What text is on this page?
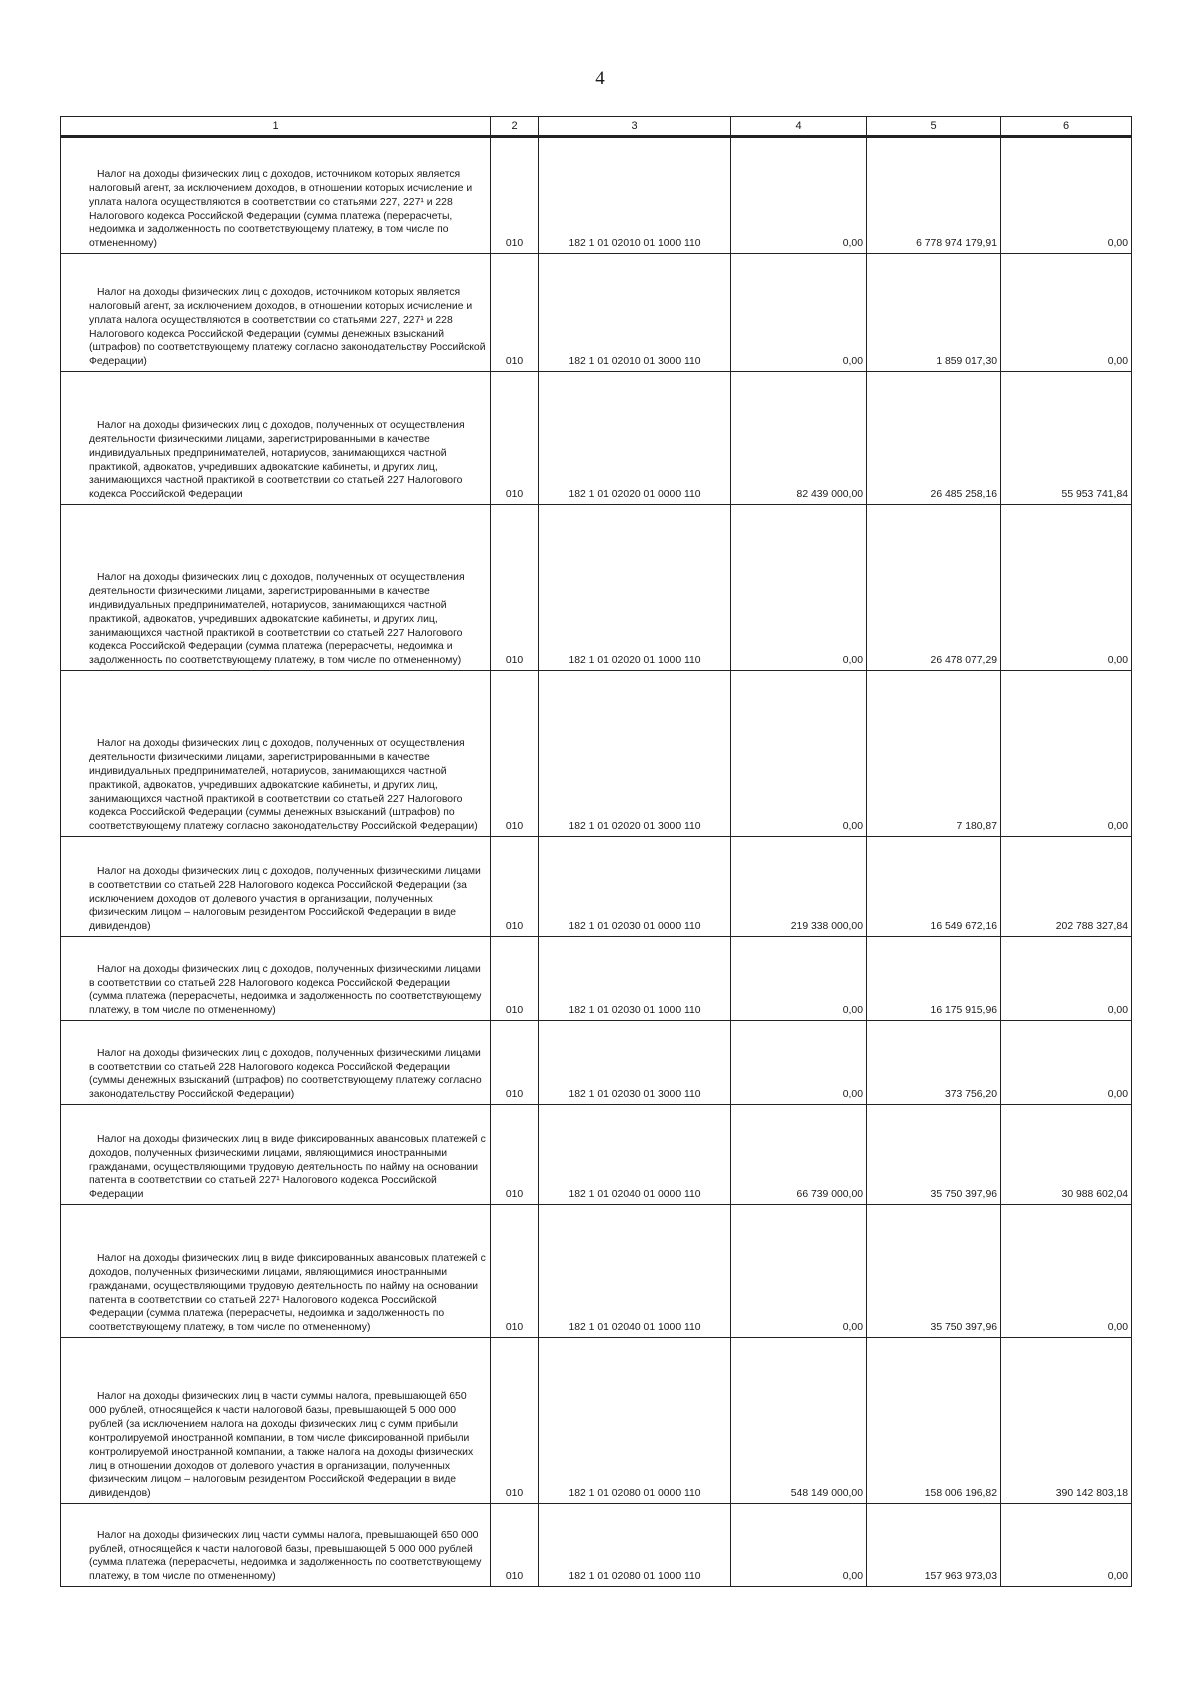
4
1	2	3	4	5	6

Налог на доходы физических лиц с доходов, источником которых является налоговый агент, за исключением доходов, в отношении которых исчисление и уплата налога осуществляются в соответствии со статьями 227, 227¹ и 228 Налогового кодекса Российской Федерации (сумма платежа (перерасчеты, недоимка и задолженность по соответствующему платежу, в том числе по отмененному)	010	182 1 01 02010 01 1000 110	0,00	6 778 974 179,91	0,00

Налог на доходы физических лиц с доходов, источником которых является налоговый агент, за исключением доходов, в отношении которых исчисление и уплата налога осуществляются в соответствии со статьями 227, 227¹ и 228 Налогового кодекса Российской Федерации (суммы денежных взысканий (штрафов) по соответствующему платежу согласно законодательству Российской Федерации)	010	182 1 01 02010 01 3000 110	0,00	1 859 017,30	0,00

Налог на доходы физических лиц с доходов, полученных от осуществления деятельности физическими лицами, зарегистрированными в качестве индивидуальных предпринимателей, нотариусов, занимающихся частной практикой, адвокатов, учредивших адвокатские кабинеты, и других лиц, занимающихся частной практикой в соответствии со статьей 227 Налогового кодекса Российской Федерации	010	182 1 01 02020 01 0000 110	82 439 000,00	26 485 258,16	55 953 741,84

Налог на доходы физических лиц с доходов, полученных от осуществления деятельности физическими лицами, зарегистрированными в качестве индивидуальных предпринимателей, нотариусов, занимающихся частной практикой, адвокатов, учредивших адвокатские кабинеты, и других лиц, занимающихся частной практикой в соответствии со статьей 227 Налогового кодекса Российской Федерации (сумма платежа (перерасчеты, недоимка и задолженность по соответствующему платежу, в том числе по отмененному)	010	182 1 01 02020 01 1000 110	0,00	26 478 077,29	0,00

Налог на доходы физических лиц с доходов, полученных от осуществления деятельности физическими лицами, зарегистрированными в качестве индивидуальных предпринимателей, нотариусов, занимающихся частной практикой, адвокатов, учредивших адвокатские кабинеты, и других лиц, занимающихся частной практикой в соответствии со статьей 227 Налогового кодекса Российской Федерации (суммы денежных взысканий (штрафов) по соответствующему платежу согласно законодательству Российской Федерации)	010	182 1 01 02020 01 3000 110	0,00	7 180,87	0,00

Налог на доходы физических лиц с доходов, полученных физическими лицами в соответствии со статьей 228 Налогового кодекса Российской Федерации (за исключением доходов от долевого участия в организации, полученных физическим лицом – налоговым резидентом Российской Федерации в виде дивидендов)	010	182 1 01 02030 01 0000 110	219 338 000,00	16 549 672,16	202 788 327,84

Налог на доходы физических лиц с доходов, полученных физическими лицами в соответствии со статьей 228 Налогового кодекса Российской Федерации (сумма платежа (перерасчеты, недоимка и задолженность по соответствующему платежу, в том числе по отмененному)	010	182 1 01 02030 01 1000 110	0,00	16 175 915,96	0,00

Налог на доходы физических лиц с доходов, полученных физическими лицами в соответствии со статьей 228 Налогового кодекса Российской Федерации (суммы денежных взысканий (штрафов) по соответствующему платежу согласно законодательству Российской Федерации)	010	182 1 01 02030 01 3000 110	0,00	373 756,20	0,00

Налог на доходы физических лиц в виде фиксированных авансовых платежей с доходов, полученных физическими лицами, являющимися иностранными гражданами, осуществляющими трудовую деятельность по найму на основании патента в соответствии со статьей 227¹ Налогового кодекса Российской Федерации	010	182 1 01 02040 01 0000 110	66 739 000,00	35 750 397,96	30 988 602,04

Налог на доходы физических лиц в виде фиксированных авансовых платежей с доходов, полученных физическими лицами, являющимися иностранными гражданами, осуществляющими трудовую деятельность по найму на основании патента в соответствии со статьей 227¹ Налогового кодекса Российской Федерации (сумма платежа (перерасчеты, недоимка и задолженность по соответствующему платежу, в том числе по отмененному)	010	182 1 01 02040 01 1000 110	0,00	35 750 397,96	0,00

Налог на доходы физических лиц в части суммы налога, превышающей 650 000 рублей, относящейся к части налоговой базы, превышающей 5 000 000 рублей (за исключением налога на доходы физических лиц с сумм прибыли контролируемой иностранной компании, в том числе фиксированной прибыли контролируемой иностранной компании, а также налога на доходы физических лиц в отношении доходов от долевого участия в организации, полученных физическим лицом – налоговым резидентом Российской Федерации в виде дивидендов)	010	182 1 01 02080 01 0000 110	548 149 000,00	158 006 196,82	390 142 803,18

Налог на доходы физических лиц части суммы налога, превышающей 650 000 рублей, относящейся к части налоговой базы, превышающей 5 000 000 рублей (сумма платежа (перерасчеты, недоимка и задолженность по соответствующему платежу, в том числе по отмененному)	010	182 1 01 02080 01 1000 110	0,00	157 963 973,03	0,00
